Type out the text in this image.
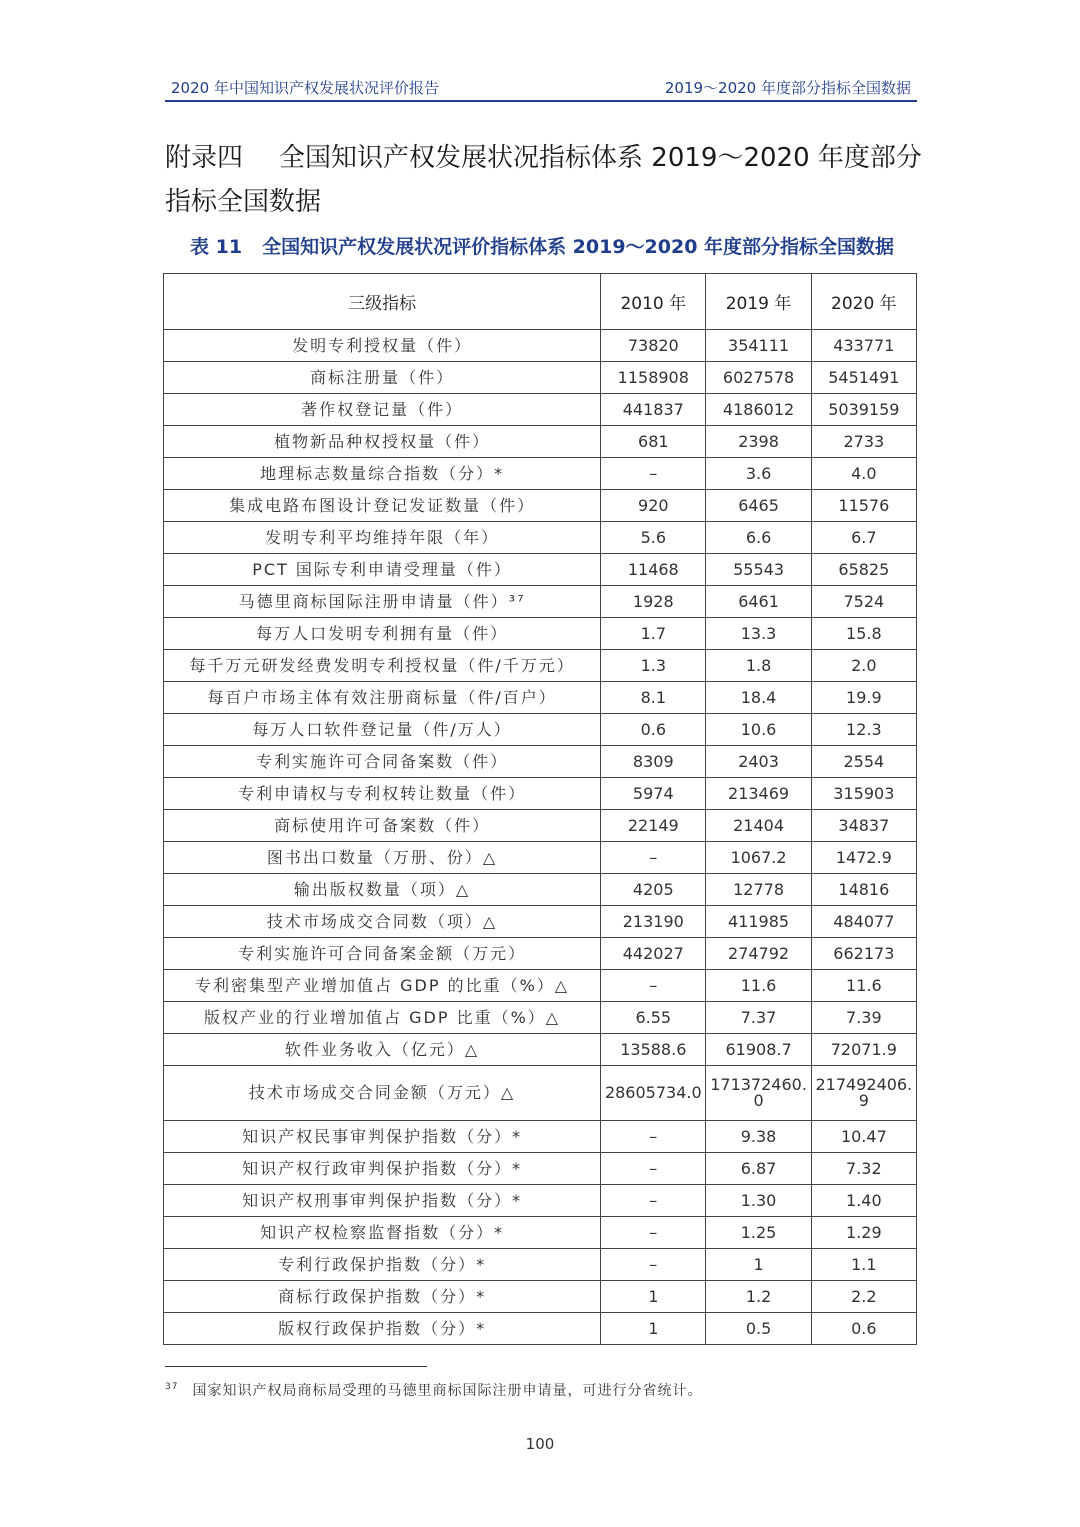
2020 年中国知识产权发展状况评价报告	2019～2020 年度部分指标全国数据
附录四 全国知识产权发展状况指标体系 2019～2020 年度部分指标全国数据
表 11 全国知识产权发展状况评价指标体系 2019～2020 年度部分指标全国数据
三级指标	2010 年	2019 年	2020 年
发明专利授权量（件）	73820	354111	433771
商标注册量（件）	1158908	6027578	5451491
著作权登记量（件）	441837	4186012	5039159
植物新品种权授权量（件）	681	2398	2733
地理标志数量综合指数（分）*	–	3.6	4.0
集成电路布图设计登记发证数量（件）	920	6465	11576
发明专利平均维持年限（年）	5.6	6.6	6.7
PCT 国际专利申请受理量（件）	11468	55543	65825
马德里商标国际注册申请量（件）³⁷	1928	6461	7524
每万人口发明专利拥有量（件）	1.7	13.3	15.8
每千万元研发经费发明专利授权量（件/千万元）	1.3	1.8	2.0
每百户市场主体有效注册商标量（件/百户）	8.1	18.4	19.9
每万人口软件登记量（件/万人）	0.6	10.6	12.3
专利实施许可合同备案数（件）	8309	2403	2554
专利申请权与专利权转让数量（件）	5974	213469	315903
商标使用许可备案数（件）	22149	21404	34837
图书出口数量（万册、份）△	–	1067.2	1472.9
输出版权数量（项）△	4205	12778	14816
技术市场成交合同数（项）△	213190	411985	484077
专利实施许可合同备案金额（万元）	442027	274792	662173
专利密集型产业增加值占 GDP 的比重（%）△	–	11.6	11.6
版权产业的行业增加值占 GDP 比重（%）△	6.55	7.37	7.39
软件业务收入（亿元）△	13588.6	61908.7	72071.9
技术市场成交合同金额（万元）△	28605734.0	171372460.0	217492406.9
知识产权民事审判保护指数（分）*	–	9.38	10.47
知识产权行政审判保护指数（分）*	–	6.87	7.32
知识产权刑事审判保护指数（分）*	–	1.30	1.40
知识产权检察监督指数（分）*	–	1.25	1.29
专利行政保护指数（分）*	–	1	1.1
商标行政保护指数（分）*	1	1.2	2.2
版权行政保护指数（分）*	1	0.5	0.6
$^{37}$ 国家知识产权局商标局受理的马德里商标国际注册申请量，可进行分省统计。
100
